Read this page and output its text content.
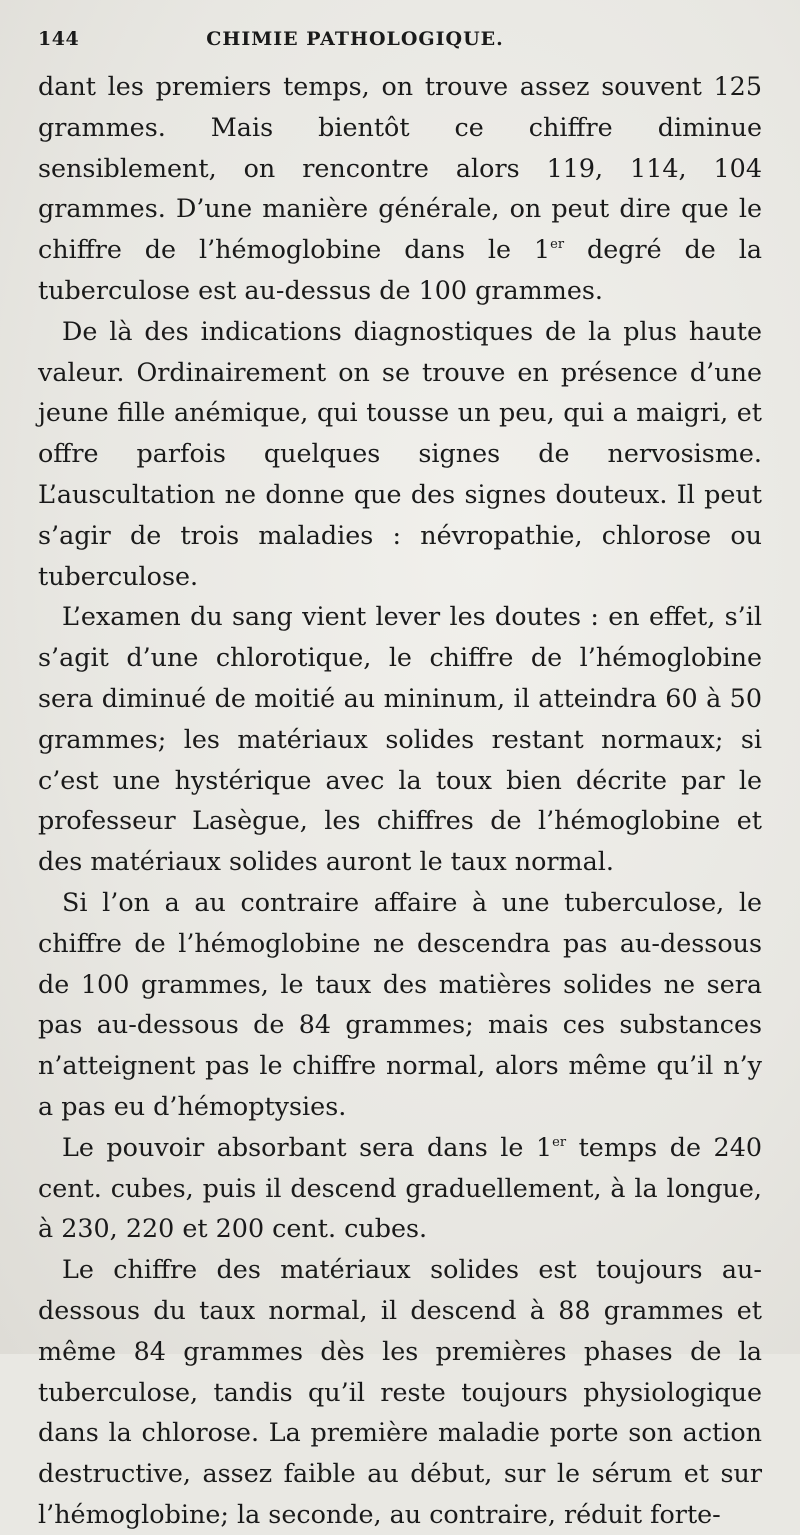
144	CHIMIE PATHOLOGIQUE.

dant les premiers temps, on trouve assez souvent 125 grammes. Mais bientôt ce chiffre diminue sensiblement, on rencontre alors 119, 114, 104 grammes. D’une manière générale, on peut dire que le chiffre de l’hémoglobine dans le 1er degré de la tuberculose est au-dessus de 100 grammes.

De là des indications diagnostiques de la plus haute valeur. Ordinairement on se trouve en présence d’une jeune fille anémique, qui tousse un peu, qui a maigri, et offre parfois quelques signes de nervosisme. L’auscultation ne donne que des signes douteux. Il peut s’agir de trois maladies : névropathie, chlorose ou tuberculose.

L’examen du sang vient lever les doutes : en effet, s’il s’agit d’une chlorotique, le chiffre de l’hémoglobine sera diminué de moitié au mininum, il atteindra 60 à 50 grammes; les matériaux solides restant normaux; si c’est une hystérique avec la toux bien décrite par le professeur Lasègue, les chiffres de l’hémoglobine et des matériaux solides auront le taux normal.

Si l’on a au contraire affaire à une tuberculose, le chiffre de l’hémoglobine ne descendra pas au-dessous de 100 grammes, le taux des matières solides ne sera pas au-dessous de 84 grammes; mais ces substances n’atteignent pas le chiffre normal, alors même qu’il n’y a pas eu d’hémoptysies.

Le pouvoir absorbant sera dans le 1er temps de 240 cent. cubes, puis il descend graduellement, à la longue, à 230, 220 et 200 cent. cubes.

Le chiffre des matériaux solides est toujours au-dessous du taux normal, il descend à 88 grammes et même 84 grammes dès les premières phases de la tuberculose, tandis qu’il reste toujours physiologique dans la chlorose. La première maladie porte son action destructive, assez faible au début, sur le sérum et sur l’hémoglobine; la seconde, au contraire, réduit forte-
